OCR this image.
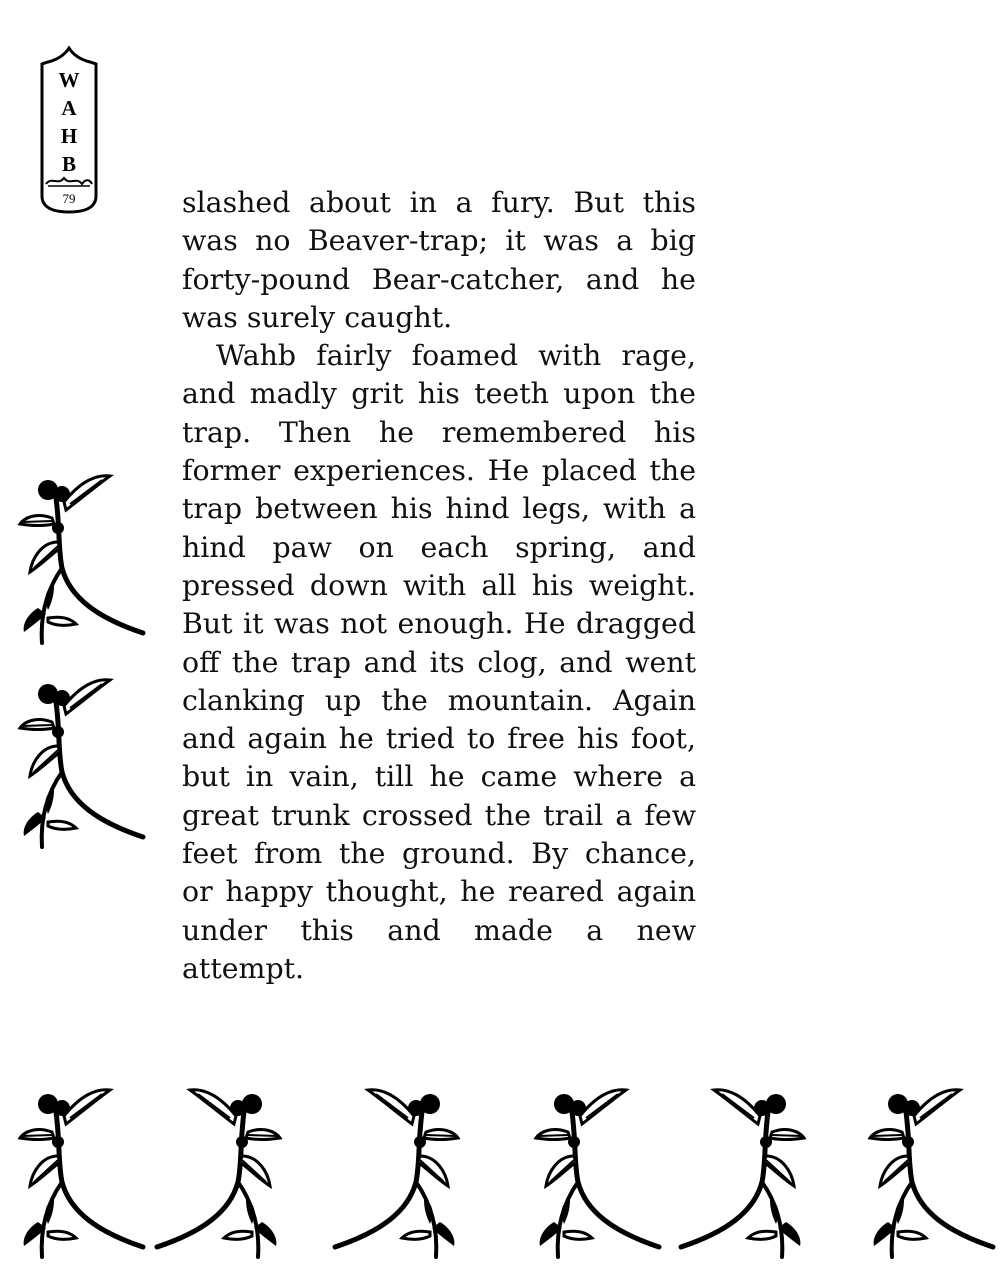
W
A
H
B
79	slashed about in a fury. But this was no Beaver-trap; it was a big forty-pound Bear-catcher, and he was surely caught.

Wahb fairly foamed with rage, and madly grit his teeth upon the trap. Then he remembered his former experiences. He placed the trap between his hind legs, with a hind paw on each spring, and pressed down with all his weight. But it was not enough. He dragged off the trap and its clog, and went clanking up the mountain. Again and again he tried to free his foot, but in vain, till he came where a great trunk crossed the trail a few feet from the ground. By chance, or happy thought, he reared again under this and made a new attempt.
